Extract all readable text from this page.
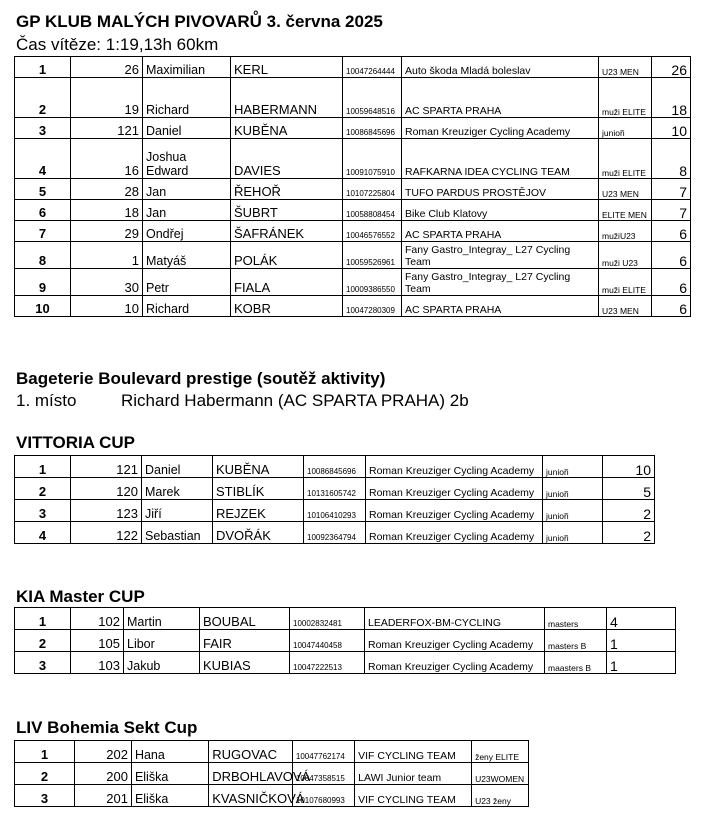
GP KLUB MALÝCH PIVOVARŮ 3. června 2025
Čas vítěze: 1:19,13h 60km
1	26	Maximilian	KERL	10047264444	Auto škoda Mladá boleslav	U23 MEN	26
2	19	Richard	HABERMANN	10059648516	AC SPARTA PRAHA	muži ELITE	18
3	121	Daniel	KUBĚNA	10086845696	Roman Kreuziger Cycling Academy	junioři	10
4	16	Joshua Edward	DAVIES	10091075910	RAFKARNA IDEA CYCLING TEAM	muži ELITE	8
5	28	Jan	ŘEHOŘ	10107225804	TUFO PARDUS PROSTĚJOV	U23 MEN	7
6	18	Jan	ŠUBRT	10058808454	Bike Club Klatovy	ELITE MEN	7
7	29	Ondřej	ŠAFRÁNEK	10046576552	AC SPARTA PRAHA	mužiU23	6
8	1	Matyáš	POLÁK	10059526961	Fany Gastro_Integray_ L27 Cycling Team	muži U23	6
9	30	Petr	FIALA	10009386550	Fany Gastro_Integray_ L27 Cycling Team	muži ELITE	6
10	10	Richard	KOBR	10047280309	AC SPARTA PRAHA	U23 MEN	6
Bageterie Boulevard prestige (soutěž aktivity)
1. místo	Richard Habermann (AC SPARTA PRAHA) 2b
VITTORIA CUP
1	121	Daniel	KUBĚNA	10086845696	Roman Kreuziger Cycling Academy	junioři	10
2	120	Marek	STIBLÍK	10131605742	Roman Kreuziger Cycling Academy	junioři	5
3	123	Jiří	REJZEK	10106410293	Roman Kreuziger Cycling Academy	junioři	2
4	122	Sebastian	DVOŘÁK	10092364794	Roman Kreuziger Cycling Academy	junioři	2
KIA Master CUP
1	102	Martin	BOUBAL	10002832481	LEADERFOX-BM-CYCLING	masters	4
2	105	Libor	FAIR	10047440458	Roman Kreuziger Cycling Academy	masters B	1
3	103	Jakub	KUBIAS	10047222513	Roman Kreuziger Cycling Academy	maasters B	1
LIV Bohemia Sekt Cup
1	202	Hana	RUGOVAC	10047762174	VIF CYCLING TEAM	ženy ELITE
2	200	Eliška	DRBOHLAVOVÁ	10047358515	LAWI Junior team	U23WOMEN
3	201	Eliška	KVASNIČKOVÁ	10107680993	VIF CYCLING TEAM	U23 ženy
